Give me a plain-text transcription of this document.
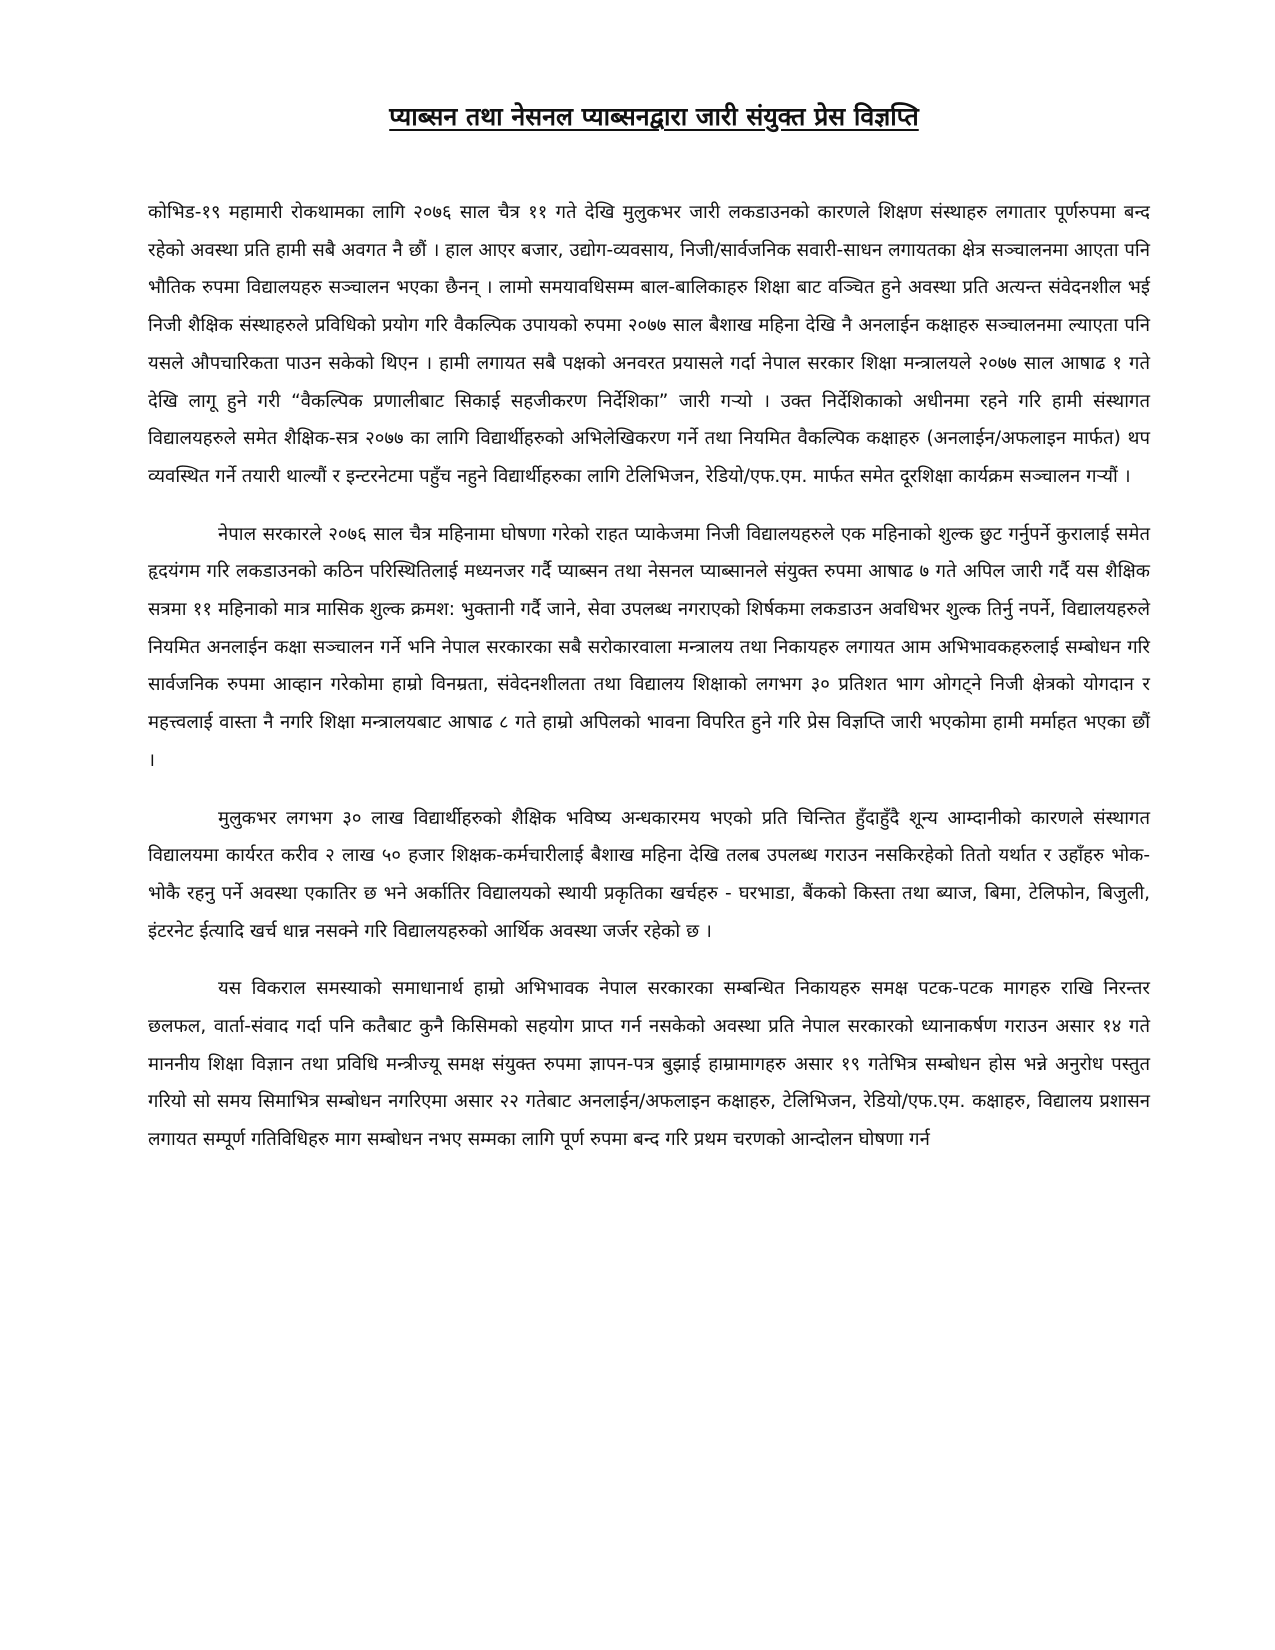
प्याब्सन तथा नेसनल प्याब्सनद्वारा जारी संयुक्त प्रेस विज्ञप्ति

कोभिड-१९ महामारी रोकथामका लागि २०७६ साल चैत्र ११ गते देखि मुलुकभर जारी लकडाउनको कारणले शिक्षण संस्थाहरु लगातार पूर्णरुपमा बन्द रहेको अवस्था प्रति हामी सबै अवगत नै छौं । हाल आएर बजार, उद्योग-व्यवसाय, निजी/सार्वजनिक सवारी-साधन लगायतका क्षेत्र सञ्चालनमा आएता पनि भौतिक रुपमा विद्यालयहरु सञ्चालन भएका छैनन् । लामो समयावधिसम्म बाल-बालिकाहरु शिक्षा बाट वञ्चित हुने अवस्था प्रति अत्यन्त संवेदनशील भई निजी शैक्षिक संस्थाहरुले प्रविधिको प्रयोग गरि वैकल्पिक उपायको रुपमा २०७७ साल बैशाख महिना देखि नै अनलाईन कक्षाहरु सञ्चालनमा ल्याएता पनि यसले औपचारिकता पाउन सकेको थिएन । हामी लगायत सबै पक्षको अनवरत प्रयासले गर्दा नेपाल सरकार शिक्षा मन्त्रालयले २०७७ साल आषाढ १ गते देखि लागू हुने गरी “वैकल्पिक प्रणालीबाट सिकाई सहजीकरण निर्देशिका” जारी गर्‍यो । उक्त निर्देशिकाको अधीनमा रहने गरि हामी संस्थागत विद्यालयहरुले समेत शैक्षिक-सत्र २०७७ का लागि विद्यार्थीहरुको अभिलेखिकरण गर्ने तथा नियमित वैकल्पिक कक्षाहरु (अनलाईन/अफलाइन मार्फत) थप व्यवस्थित गर्ने तयारी थाल्यौं र इन्टरनेटमा पहुँच नहुने विद्यार्थीहरुका लागि टेलिभिजन, रेडियो/एफ.एम. मार्फत समेत दूरशिक्षा कार्यक्रम सञ्चालन गर्‍यौं ।

नेपाल सरकारले २०७६ साल चैत्र महिनामा घोषणा गरेको राहत प्याकेजमा निजी विद्यालयहरुले एक महिनाको शुल्क छुट गर्नुपर्ने कुरालाई समेत हृदयंगम गरि लकडाउनको कठिन परिस्थितिलाई मध्यनजर गर्दै प्याब्सन तथा नेसनल प्याब्सानले संयुक्त रुपमा आषाढ ७ गते अपिल जारी गर्दै यस शैक्षिक सत्रमा ११ महिनाको मात्र मासिक शुल्क क्रमश: भुक्तानी गर्दै जाने, सेवा उपलब्ध नगराएको शिर्षकमा लकडाउन अवधिभर शुल्क तिर्नु नपर्ने, विद्यालयहरुले नियमित अनलाईन कक्षा सञ्चालन गर्ने भनि नेपाल सरकारका सबै सरोकारवाला मन्त्रालय तथा निकायहरु लगायत आम अभिभावकहरुलाई सम्बोधन गरि सार्वजनिक रुपमा आव्हान गरेकोमा हाम्रो विनम्रता, संवेदनशीलता तथा विद्यालय शिक्षाको लगभग ३० प्रतिशत भाग ओगट्ने निजी क्षेत्रको योगदान र महत्त्वलाई वास्ता नै नगरि शिक्षा मन्त्रालयबाट आषाढ ८ गते हाम्रो अपिलको भावना विपरित हुने गरि प्रेस विज्ञप्ति जारी भएकोमा हामी मर्माहत भएका छौं ।

मुलुकभर लगभग ३० लाख विद्यार्थीहरुको शैक्षिक भविष्य अन्धकारमय भएको प्रति चिन्तित हुँदाहुँदै शून्य आम्दानीको कारणले संस्थागत विद्यालयमा कार्यरत करीव २ लाख ५० हजार शिक्षक-कर्मचारीलाई बैशाख महिना देखि तलब उपलब्ध गराउन नसकिरहेको तितो यर्थात र उहाँहरु भोक-भोकै रहनु पर्ने अवस्था एकातिर छ भने अर्कातिर विद्यालयको स्थायी प्रकृतिका खर्चहरु - घरभाडा, बैंकको किस्ता तथा ब्याज, बिमा, टेलिफोन, बिजुली, इंटरनेट ईत्यादि खर्च धान्न नसक्ने गरि विद्यालयहरुको आर्थिक अवस्था जर्जर रहेको छ ।

यस विकराल समस्याको समाधानार्थ हाम्रो अभिभावक नेपाल सरकारका सम्बन्धित निकायहरु समक्ष पटक-पटक मागहरु राखि निरन्तर छलफल, वार्ता-संवाद गर्दा पनि कतैबाट कुनै किसिमको सहयोग प्राप्त गर्न नसकेको अवस्था प्रति नेपाल सरकारको ध्यानाकर्षण गराउन असार १४ गते माननीय शिक्षा विज्ञान तथा प्रविधि मन्त्रीज्यू समक्ष संयुक्त रुपमा ज्ञापन-पत्र बुझाई हाम्रामागहरु असार १९ गतेभित्र सम्बोधन होस भन्ने अनुरोध पस्तुत गरियो सो समय सिमाभित्र सम्बोधन नगरिएमा असार २२ गतेबाट अनलाईन/अफलाइन कक्षाहरु, टेलिभिजन, रेडियो/एफ.एम. कक्षाहरु, विद्यालय प्रशासन लगायत सम्पूर्ण गतिविधिहरु माग सम्बोधन नभए सम्मका लागि पूर्ण रुपमा बन्द गरि प्रथम चरणको आन्दोलन घोषणा गर्न
